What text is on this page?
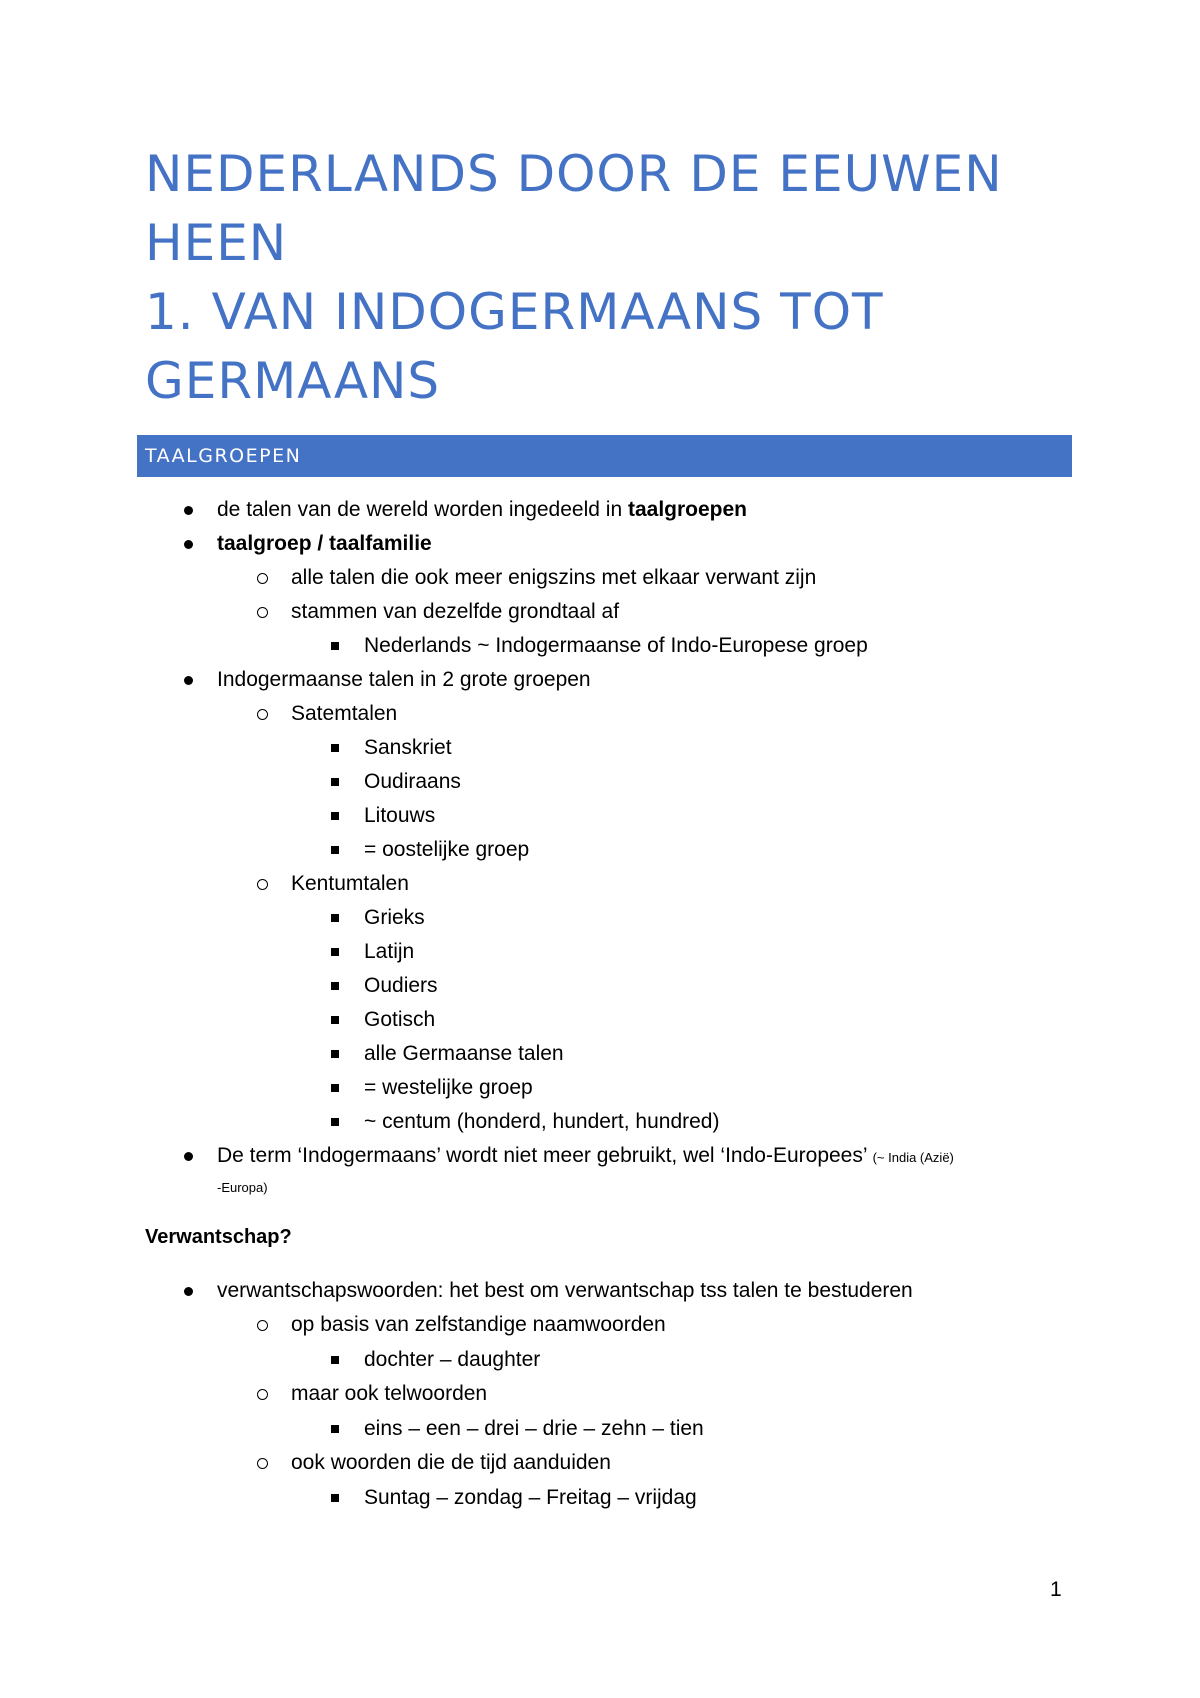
NEDERLANDS DOOR DE EEUWEN
HEEN
1. VAN INDOGERMAANS TOT
GERMAANS
TAALGROEPEN
de talen van de wereld worden ingedeeld in taalgroepen
taalgroep / taalfamilie
alle talen die ook meer enigszins met elkaar verwant zijn
stammen van dezelfde grondtaal af
Nederlands ~ Indogermaanse of Indo-Europese groep
Indogermaanse talen in 2 grote groepen
Satemtalen
Sanskriet
Oudiraans
Litouws
= oostelijke groep
Kentumtalen
Grieks
Latijn
Oudiers
Gotisch
alle Germaanse talen
= westelijke groep
~ centum (honderd, hundert, hundred)
De term ‘Indogermaans’ wordt niet meer gebruikt, wel ‘Indo-Europees’ (~ India (Azië)
-Europa)
Verwantschap?
verwantschapswoorden: het best om verwantschap tss talen te bestuderen
op basis van zelfstandige naamwoorden
dochter – daughter
maar ook telwoorden
eins – een – drei – drie – zehn – tien
ook woorden die de tijd aanduiden
Suntag – zondag – Freitag – vrijdag
1
